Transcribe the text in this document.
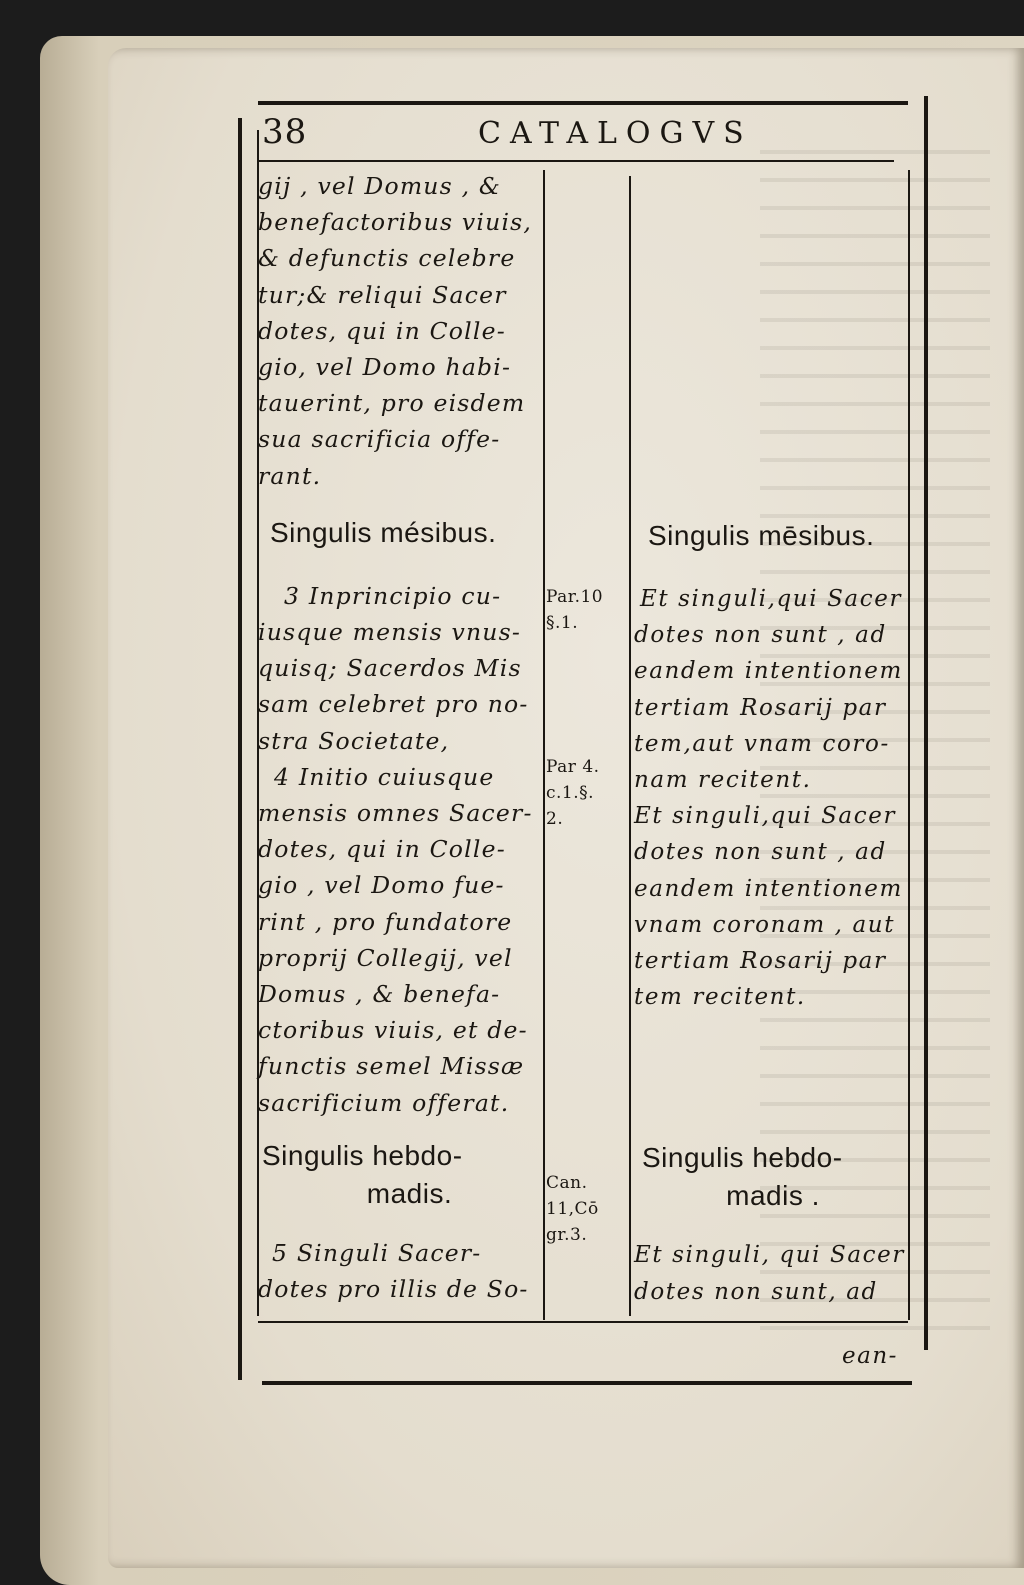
38	CATALOGVS
gij , vel Domus , &
benefactoribus viuis,
& defunctis celebre
tur;& reliqui Sacer
dotes, qui in Colle-
gio, vel Domo habi-
tauerint, pro eisdem
sua sacrificia offe-
rant.
Singulis mésibus.
3 Inprincipio cu-
iusque mensis vnus-
quisq; Sacerdos Mis
sam celebret pro no-
stra Societate,
4 Initio cuiusque
mensis omnes Sacer-
dotes, qui in Colle-
gio , vel Domo fue-
rint , pro fundatore
proprij Collegij, vel
Domus , & benefa-
ctoribus viuis, et de-
functis semel Missæ
sacrificium offerat.
Singulis hebdo-
madis.
5 Singuli Sacer-
dotes pro illis de So-
Par.10
§.1.
Par 4.
c.1.§.
2.
Can.
11,Cō
gr.3.
Singulis mēsibus.
Et singuli,qui Sacer
dotes non sunt , ad
eandem intentionem
tertiam Rosarij par
tem,aut vnam coro-
nam recitent.
Et singuli,qui Sacer
dotes non sunt , ad
eandem intentionem
vnam coronam , aut
tertiam Rosarij par
tem recitent.
Singulis hebdo-
madis .
Et singuli, qui Sacer
dotes non sunt, ad
ean-
